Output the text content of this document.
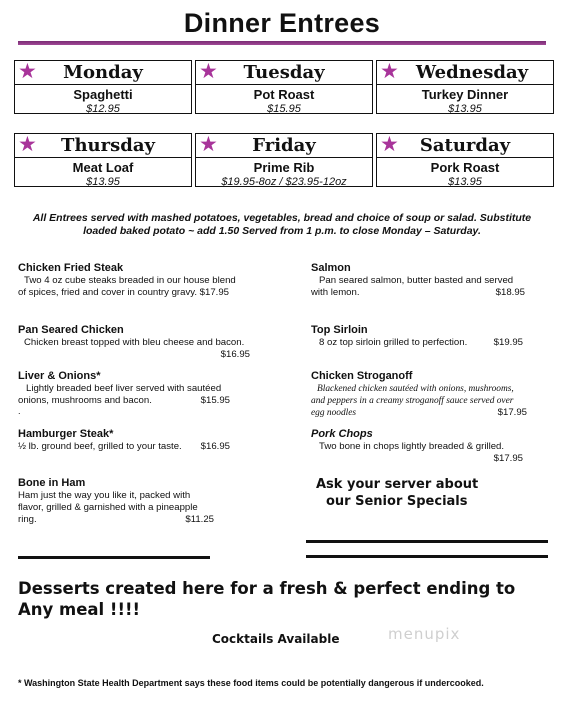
Dinner Entrees
★ Monday
Spaghetti
$12.95
★ Tuesday
Pot Roast
$15.95
★ Wednesday
Turkey Dinner
$13.95
★ Thursday
Meat Loaf
$13.95
★ Friday
Prime Rib
$19.95-8oz / $23.95-12oz
★ Saturday
Pork Roast
$13.95
All Entrees served with mashed potatoes, vegetables, bread and choice of soup or salad. Substitute loaded baked potato ~ add 1.50 Served from 1 p.m. to close Monday – Saturday.
Chicken Fried Steak
Two 4 oz cube steaks breaded in our house blend
of spices, fried and cover in country gravy. $17.95
Pan Seared Chicken
Chicken breast topped with bleu cheese and bacon.
$16.95
Liver & Onions*
Lightly breaded beef liver served with sautéed
onions, mushrooms and bacon.	$15.95
.
Hamburger Steak*
½ lb. ground beef, grilled to your taste. $16.95
Bone in Ham
Ham just the way you like it, packed with
flavor, grilled & garnished with a pineapple
ring.	$11.25
Salmon
Pan seared salmon, butter basted and served
with lemon.	$18.95
Top Sirloin
8 oz top sirloin grilled to perfection.	$19.95
Chicken Stroganoff
Blackened chicken sautéed with onions, mushrooms,
and peppers in a creamy stroganoff sauce served over
egg noodles	$17.95
Pork Chops
Two bone in chops lightly breaded & grilled.
$17.95
Ask your server about
our Senior Specials
Desserts created here for a fresh & perfect ending to
Any meal !!!!
Cocktails Available	menupix
* Washington State Health Department says these food items could be potentially dangerous if undercooked.
